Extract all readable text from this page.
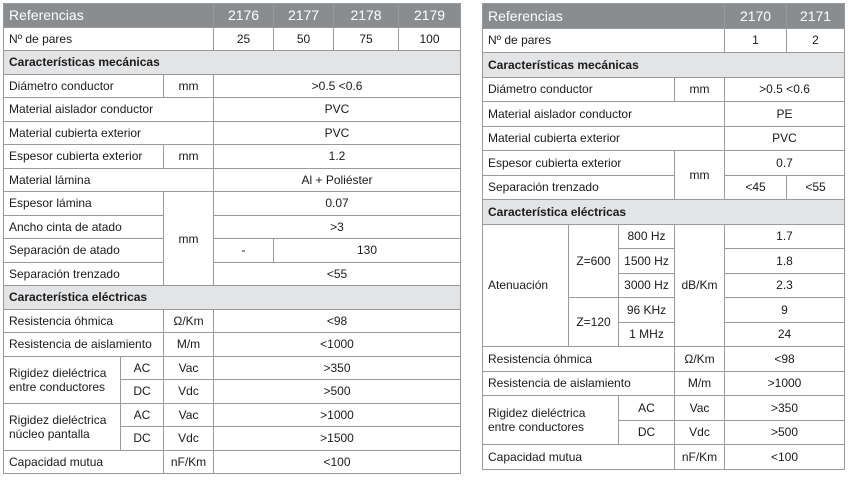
Referencias			2176	2177	2178	2179
Nº de pares			25	50	75	100
Características mecánicas						
Diámetro conductor		mm	>0.5 <0.6			
Material aislador conductor			PVC			
Material cubierta exterior			PVC			
Espesor cubierta exterior		mm	1.2			
Material lámina			Al + Poliéster			
Espesor lámina		mm	0.07			
Ancho cinta de atado			>3			
Separación de atado			-	130		
Separación trenzado			<55			
Característica eléctricas						
Resistencia óhmica		Ω/Km	<98			
Resistencia de aislamiento		M/m	<1000			
Rigidez dieléctrica entre conductores	AC	Vac	>350			
	DC	Vdc	>500			
Rigidez dieléctrica núcleo pantalla	AC	Vac	>1000			
	DC	Vdc	>1500			
Capacidad mutua		nF/Km	<100			
Referencias				2170	2171
Nº de pares				1	2
Características mecánicas					
Diámetro conductor			mm	>0.5 <0.6	
Material aislador conductor				PE	
Material cubierta exterior				PVC	
Espesor cubierta exterior			mm	0.7	
Separación trenzado				<45	<55
Característica eléctricas					
Atenuación	Z=600	800 Hz	dB/Km	1.7	
		1500 Hz		1.8	
		3000 Hz		2.3	
	Z=120	96 KHz		9	
		1 MHz		24	
Resistencia óhmica			Ω/Km	<98	
Resistencia de aislamiento			M/m	>1000	
Rigidez dieléctrica entre conductores		AC	Vac	>350	
		DC	Vdc	>500	
Capacidad mutua			nF/Km	<100	
